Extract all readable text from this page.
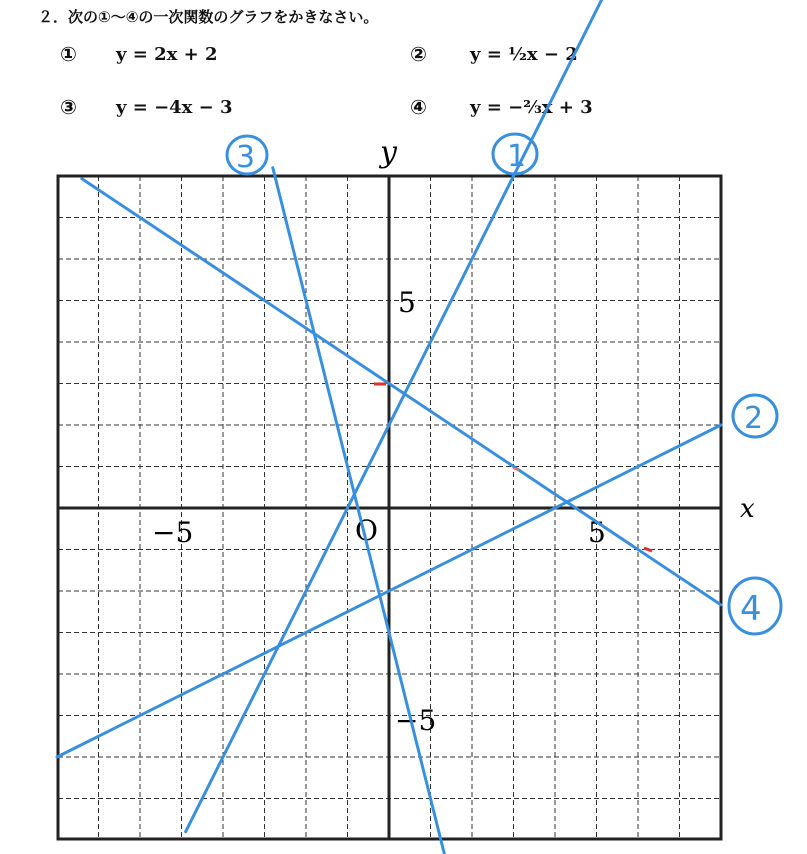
２．次の①～④の一次関数のグラフをかきなさい。
① y = 2x + 2	② y = ½x − 2
③ y = −4x − 3	④ y = −⅔x + 3
x
y
O
−5	5
5
−5
3	1
2
4
